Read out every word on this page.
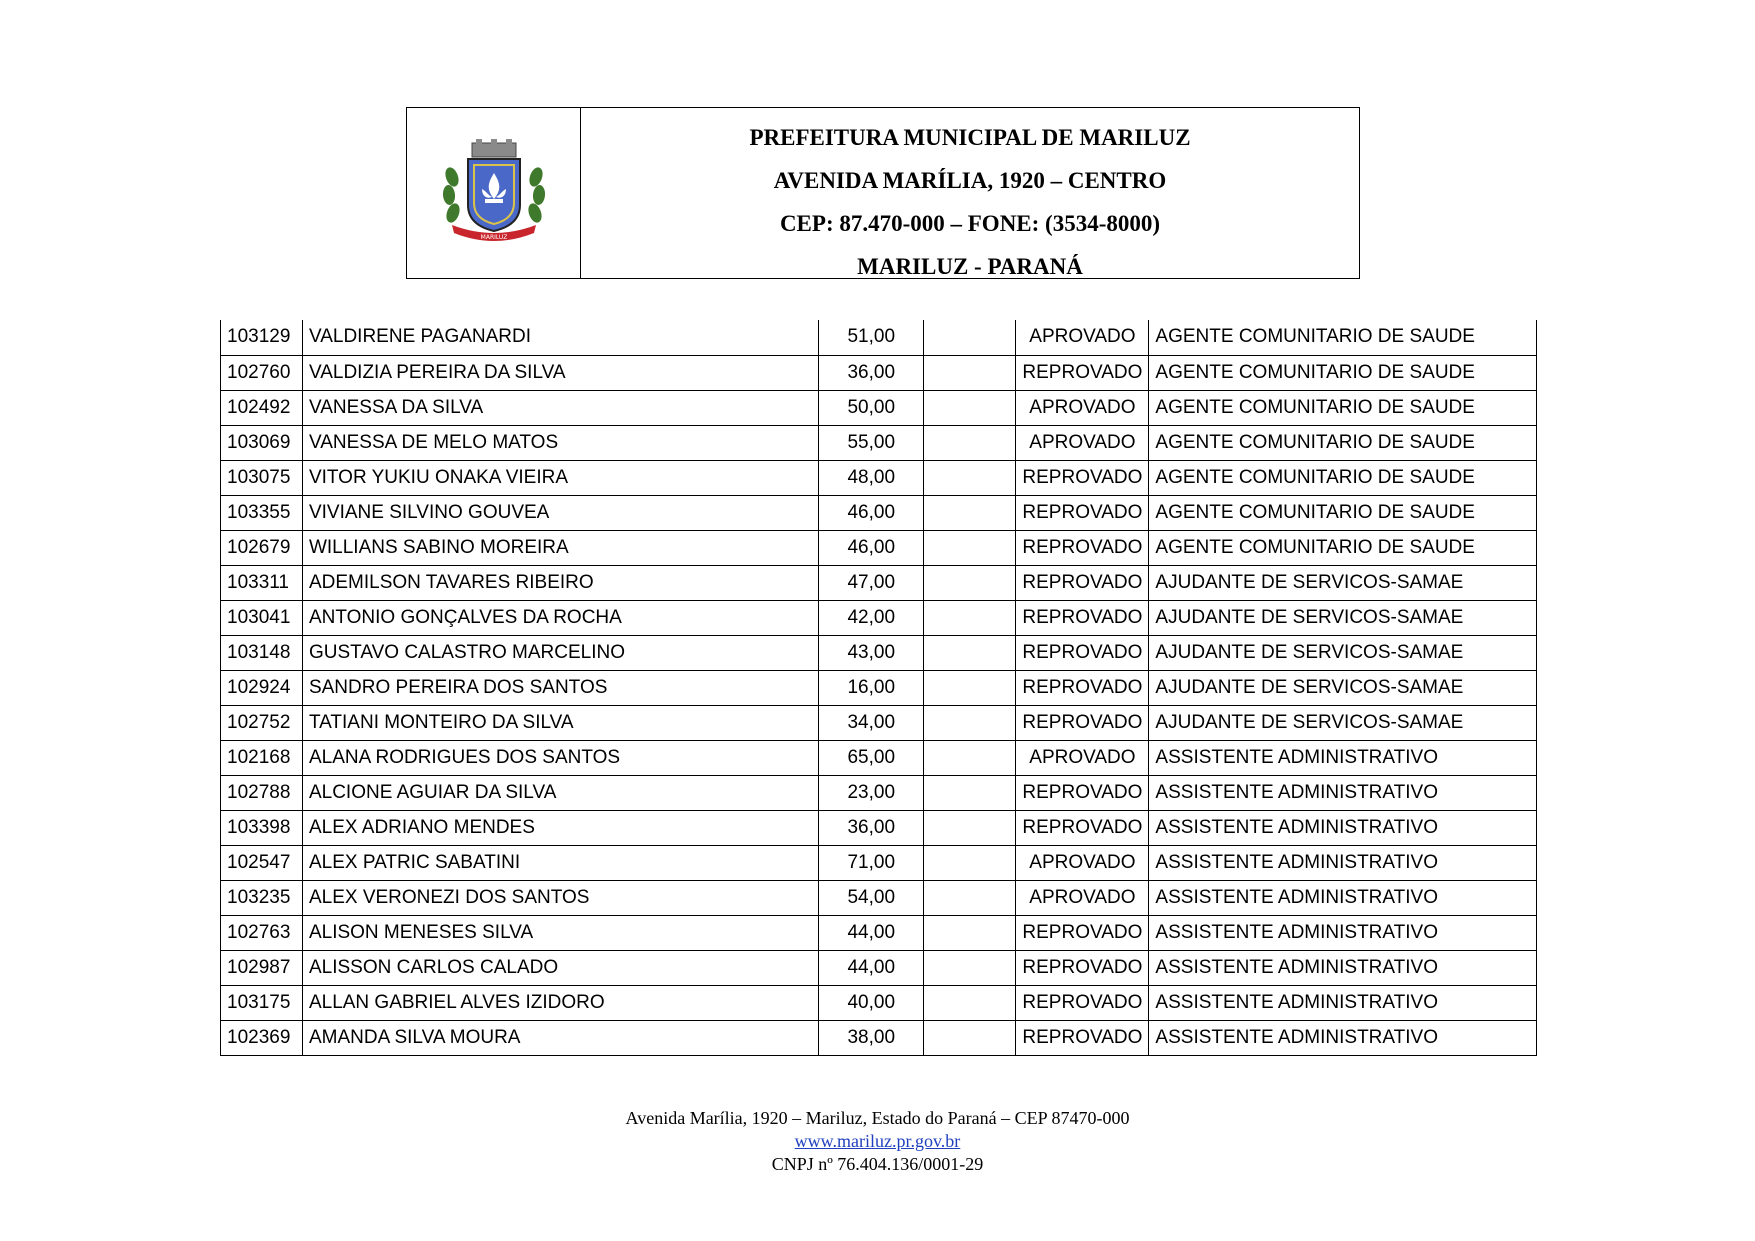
MARILUZ
PREFEITURA MUNICIPAL DE MARILUZ
AVENIDA MARÍLIA, 1920 – CENTRO
CEP: 87.470-000 – FONE: (3534-8000)
MARILUZ - PARANÁ
103129	VALDIRENE PAGANARDI	51,00		APROVADO	AGENTE COMUNITARIO DE SAUDE
102760	VALDIZIA PEREIRA DA SILVA	36,00		REPROVADO	AGENTE COMUNITARIO DE SAUDE
102492	VANESSA DA SILVA	50,00		APROVADO	AGENTE COMUNITARIO DE SAUDE
103069	VANESSA DE MELO MATOS	55,00		APROVADO	AGENTE COMUNITARIO DE SAUDE
103075	VITOR YUKIU ONAKA VIEIRA	48,00		REPROVADO	AGENTE COMUNITARIO DE SAUDE
103355	VIVIANE SILVINO GOUVEA	46,00		REPROVADO	AGENTE COMUNITARIO DE SAUDE
102679	WILLIANS SABINO MOREIRA	46,00		REPROVADO	AGENTE COMUNITARIO DE SAUDE
103311	ADEMILSON TAVARES RIBEIRO	47,00		REPROVADO	AJUDANTE DE SERVICOS-SAMAE
103041	ANTONIO GONÇALVES DA ROCHA	42,00		REPROVADO	AJUDANTE DE SERVICOS-SAMAE
103148	GUSTAVO CALASTRO MARCELINO	43,00		REPROVADO	AJUDANTE DE SERVICOS-SAMAE
102924	SANDRO PEREIRA DOS SANTOS	16,00		REPROVADO	AJUDANTE DE SERVICOS-SAMAE
102752	TATIANI MONTEIRO DA SILVA	34,00		REPROVADO	AJUDANTE DE SERVICOS-SAMAE
102168	ALANA RODRIGUES DOS SANTOS	65,00		APROVADO	ASSISTENTE ADMINISTRATIVO
102788	ALCIONE AGUIAR DA SILVA	23,00		REPROVADO	ASSISTENTE ADMINISTRATIVO
103398	ALEX ADRIANO MENDES	36,00		REPROVADO	ASSISTENTE ADMINISTRATIVO
102547	ALEX PATRIC SABATINI	71,00		APROVADO	ASSISTENTE ADMINISTRATIVO
103235	ALEX VERONEZI DOS SANTOS	54,00		APROVADO	ASSISTENTE ADMINISTRATIVO
102763	ALISON MENESES SILVA	44,00		REPROVADO	ASSISTENTE ADMINISTRATIVO
102987	ALISSON CARLOS CALADO	44,00		REPROVADO	ASSISTENTE ADMINISTRATIVO
103175	ALLAN GABRIEL ALVES IZIDORO	40,00		REPROVADO	ASSISTENTE ADMINISTRATIVO
102369	AMANDA SILVA MOURA	38,00		REPROVADO	ASSISTENTE ADMINISTRATIVO
Avenida Marília, 1920 – Mariluz, Estado do Paraná – CEP 87470-000
www.mariluz.pr.gov.br
CNPJ nº 76.404.136/0001-29
